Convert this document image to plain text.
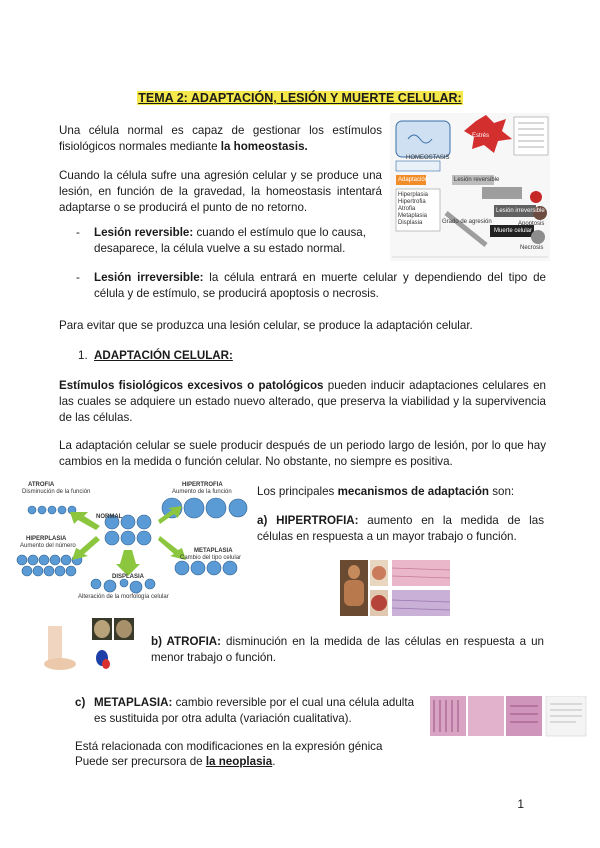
TEMA 2: ADAPTACIÓN, LESIÓN Y MUERTE CELULAR:

Una célula normal es capaz de gestionar los estímulos fisiológicos normales mediante la homeostasis.

Cuando la célula sufre una agresión celular y se produce una lesión, en función de la gravedad, la homeostasis intentará adaptarse o se producirá el punto de no retorno.

HOMEOSTASIS
Estrés
Adaptación	Lesión reversible
Hiperplasia
Hipertrofia
Atrofia
Metaplasia
Displasia	Grado de agresión
Lesión irreversible
Muerte celular
Apoptosis
Necrosis
- Lesión reversible: cuando el estímulo que lo causa, desaparece, la célula vuelve a su estado normal.

- Lesión irreversible: la célula entrará en muerte celular y dependiendo del tipo de célula y de estímulo, se producirá apoptosis o necrosis.

Para evitar que se produzca una lesión celular, se produce la adaptación celular.

1. ADAPTACIÓN CELULAR:

Estímulos fisiológicos excesivos o patológicos pueden inducir adaptaciones celulares en las cuales se adquiere un estado nuevo alterado, que preserva la viabilidad y la supervivencia de las células.

La adaptación celular se suele producir después de un periodo largo de lesión, por lo que hay cambios en la medida o función celular. No obstante, no siempre es positiva.

NORMAL
ATROFIA
Disminución de la función
HIPERTROFIA
Aumento de la función
HIPERPLASIA
Aumento del número
METAPLASIA
Cambio del tipo celular
DISPLASIA
Alteración de la morfología celular
Los principales mecanismos de adaptación son:

a) HIPERTROFIA: aumento en la medida de las células en respuesta a un mayor trabajo o función.

b) ATROFIA: disminución en la medida de las células en respuesta a un menor trabajo o función.

c) METAPLASIA: cambio reversible por el cual una célula adulta es sustituida por otra adulta (variación cualitativa).

Está relacionada con modificaciones en la expresión génica
Puede ser precursora de la neoplasia.
1
